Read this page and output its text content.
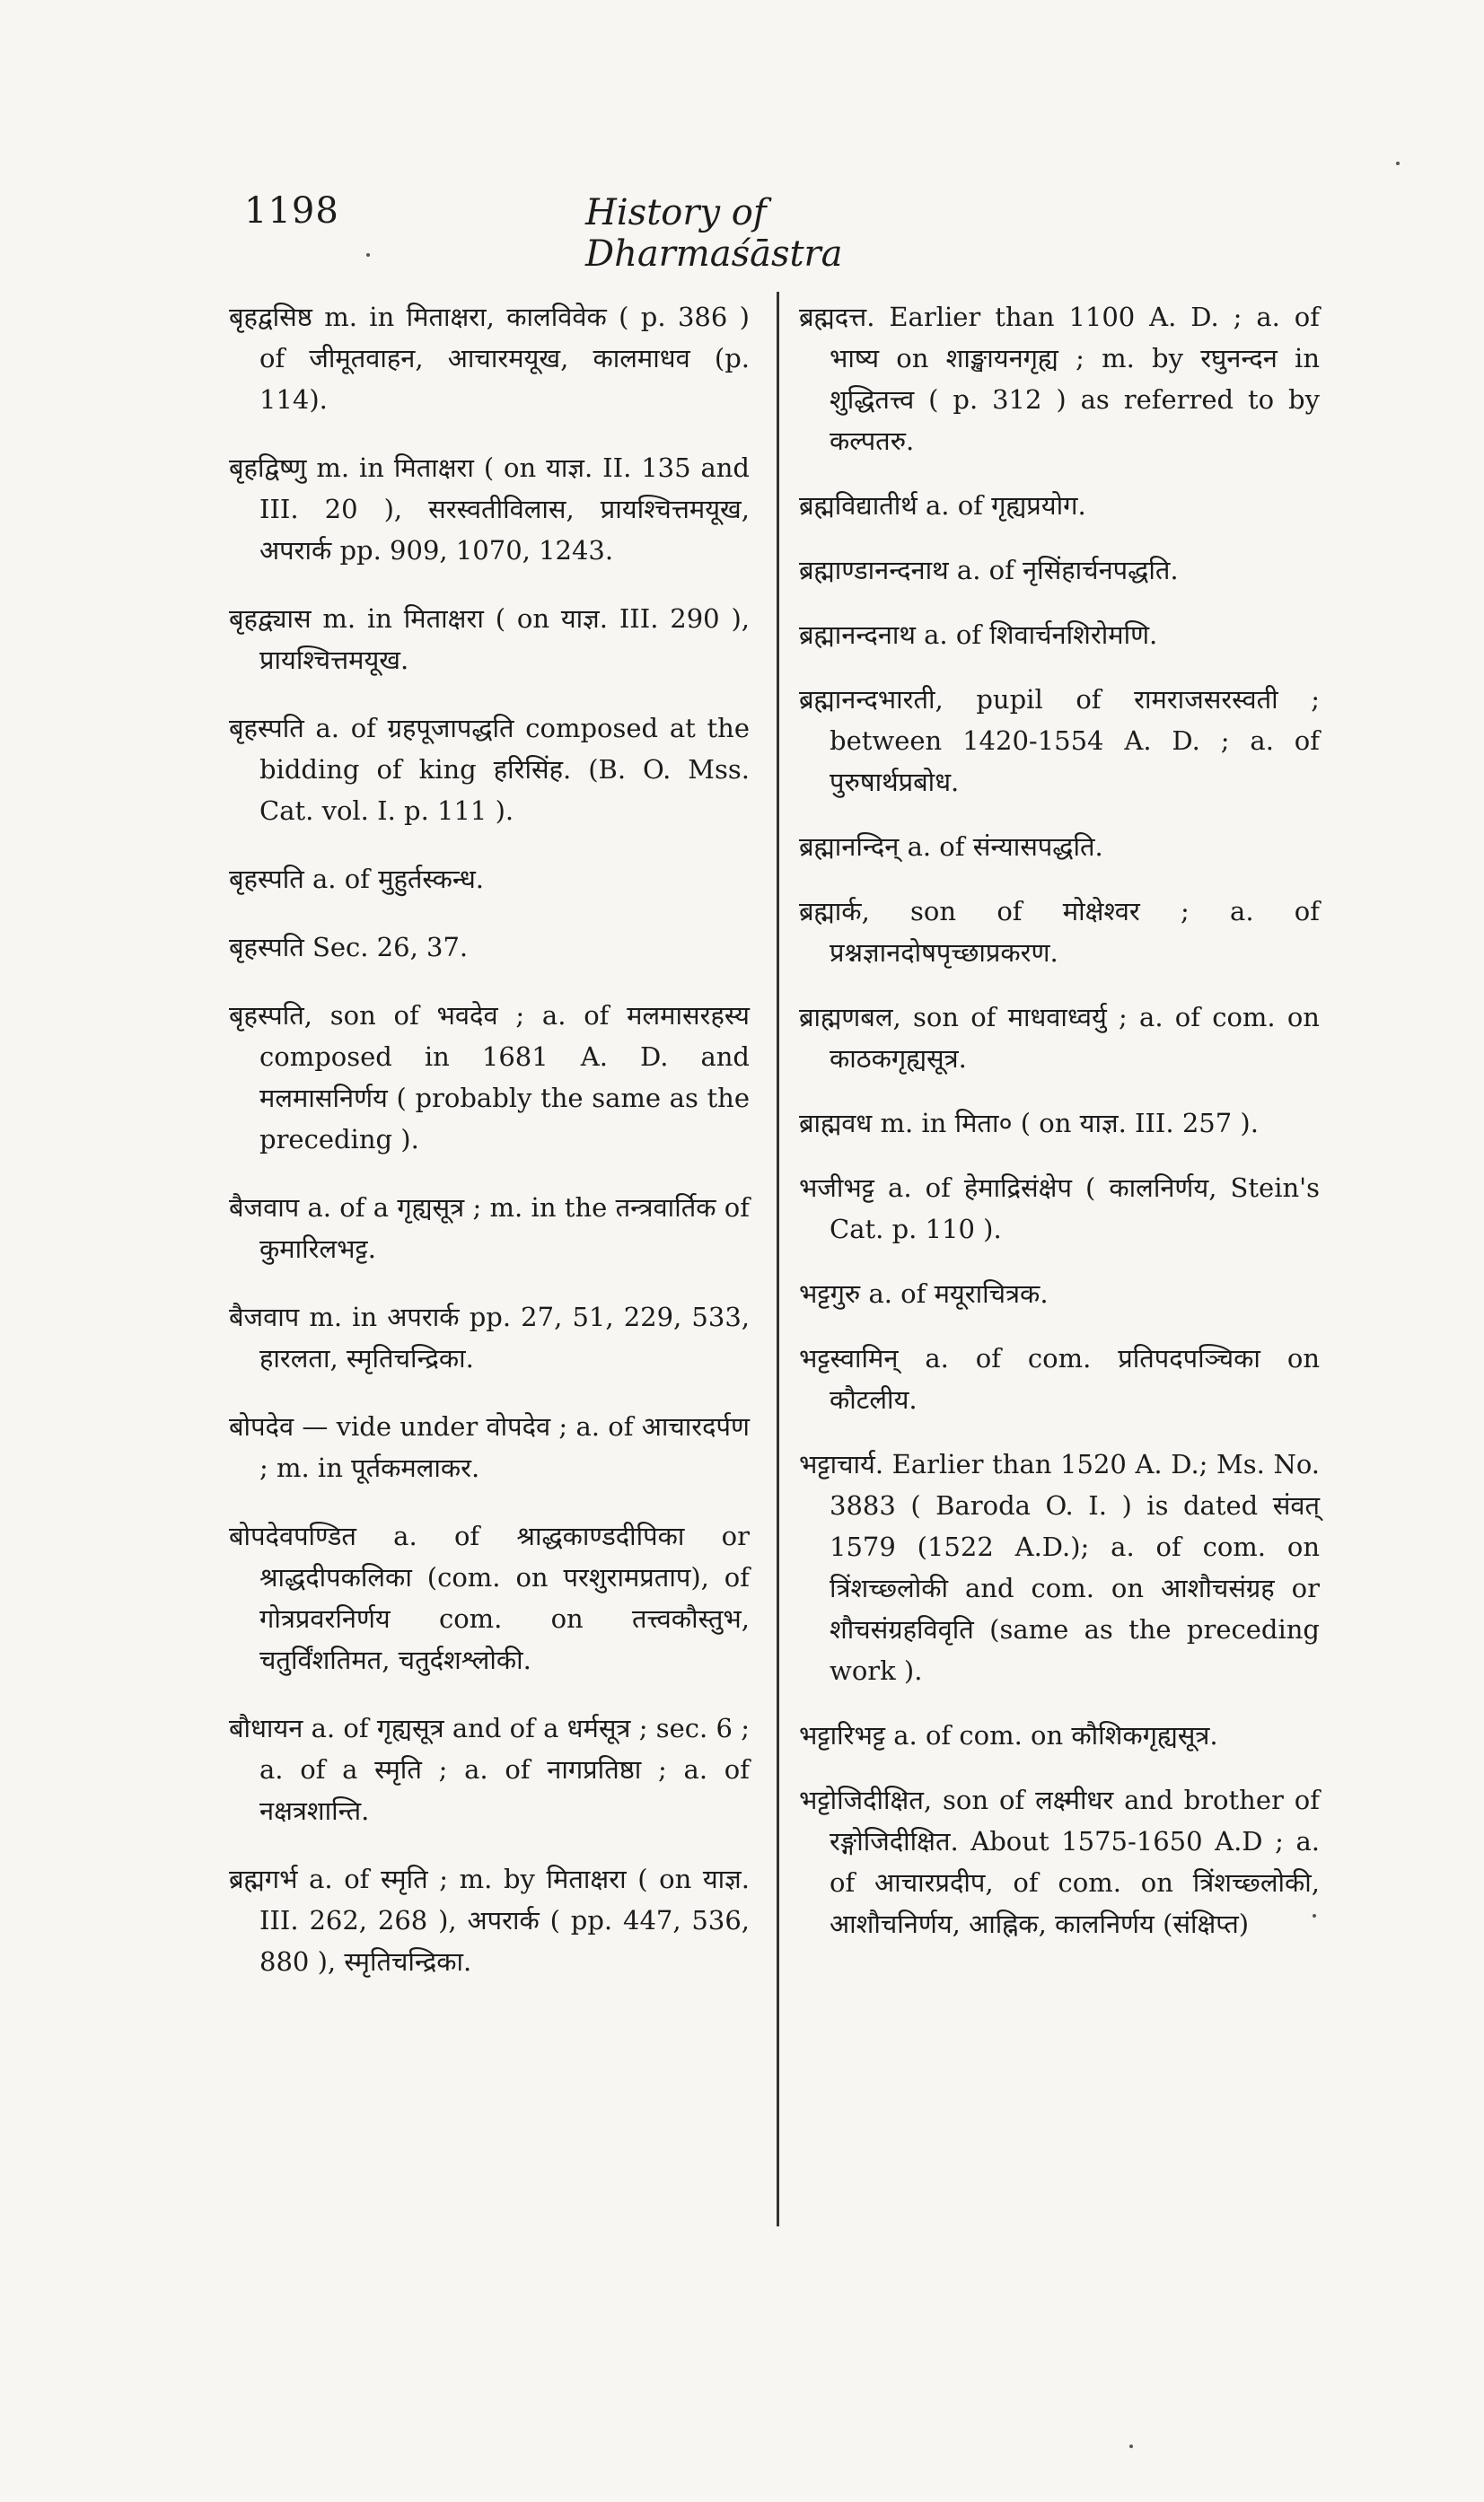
1198	History of Dharmaśāstra

बृहद्वसिष्ठ m. in मिताक्षरा, कालविवेक ( p. 386 ) of जीमूतवाहन, आचारमयूख, कालमाधव (p. 114).

बृहद्विष्णु m. in मिताक्षरा ( on याज्ञ. II. 135 and III. 20 ), सरस्वतीविलास, प्रायश्चित्तमयूख, अपरार्क pp. 909, 1070, 1243.

बृहद्व्यास m. in मिताक्षरा ( on याज्ञ. III. 290 ), प्रायश्चित्तमयूख.

बृहस्पति a. of ग्रहपूजापद्धति composed at the bidding of king हरिसिंह. (B. O. Mss. Cat. vol. I. p. 111 ).

बृहस्पति a. of मुहुर्तस्कन्ध.

बृहस्पति Sec. 26, 37.

बृहस्पति, son of भवदेव ; a. of मलमासरहस्य composed in 1681 A. D. and मलमासनिर्णय ( probably the same as the preceding ).

बैजवाप a. of a गृह्यसूत्र ; m. in the तन्त्रवार्तिक of कुमारिलभट्ट.

बैजवाप m. in अपरार्क pp. 27, 51, 229, 533, हारलता, स्मृतिचन्द्रिका.

बोपदेव — vide under वोपदेव ; a. of आचारदर्पण ; m. in पूर्तकमलाकर.

बोपदेवपण्डित a. of श्राद्धकाण्डदीपिका or श्राद्धदीपकलिका (com. on परशुरामप्रताप), of गोत्रप्रवरनिर्णय com. on तत्त्वकौस्तुभ, चतुर्विंशतिमत, चतुर्दशश्लोकी.

बौधायन a. of गृह्यसूत्र and of a धर्मसूत्र ; sec. 6 ; a. of a स्मृति ; a. of नागप्रतिष्ठा ; a. of नक्षत्रशान्ति.

ब्रह्मगर्भ a. of स्मृति ; m. by मिताक्षरा ( on याज्ञ. III. 262, 268 ), अपरार्क ( pp. 447, 536, 880 ), स्मृतिचन्द्रिका.

ब्रह्मदत्त. Earlier than 1100 A. D. ; a. of भाष्य on शाङ्खायनगृह्य ; m. by रघुनन्दन in शुद्धितत्त्व ( p. 312 ) as referred to by कल्पतरु.

ब्रह्मविद्यातीर्थ a. of गृह्यप्रयोग.

ब्रह्माण्डानन्दनाथ a. of नृसिंहार्चनपद्धति.

ब्रह्मानन्दनाथ a. of शिवार्चनशिरोमणि.

ब्रह्मानन्दभारती, pupil of रामराजसरस्वती ; between 1420-1554 A. D. ; a. of पुरुषार्थप्रबोध.

ब्रह्मानन्दिन् a. of संन्यासपद्धति.

ब्रह्मार्क, son of मोक्षेश्वर ; a. of प्रश्नज्ञानदोषपृच्छाप्रकरण.

ब्राह्मणबल, son of माधवाध्वर्यु ; a. of com. on काठकगृह्यसूत्र.

ब्राह्मवध m. in मिता० ( on याज्ञ. III. 257 ).

भजीभट्ट a. of हेमाद्रिसंक्षेप ( कालनिर्णय, Stein's Cat. p. 110 ).

भट्टगुरु a. of मयूराचित्रक.

भट्टस्वामिन् a. of com. प्रतिपदपञ्चिका on कौटलीय.

भट्टाचार्य. Earlier than 1520 A. D.; Ms. No. 3883 ( Baroda O. I. ) is dated संवत् 1579 (1522 A.D.); a. of com. on त्रिंशच्छ्लोकी and com. on आशौचसंग्रह or शौचसंग्रहविवृति (same as the preceding work ).

भट्टारिभट्ट a. of com. on कौशिकगृह्यसूत्र.

भट्टोजिदीक्षित, son of लक्ष्मीधर and brother of रङ्गोजिदीक्षित. About 1575-1650 A.D ; a. of आचारप्रदीप, of com. on त्रिंशच्छ्लोकी, आशौचनिर्णय, आह्निक, कालनिर्णय (संक्षिप्त)
